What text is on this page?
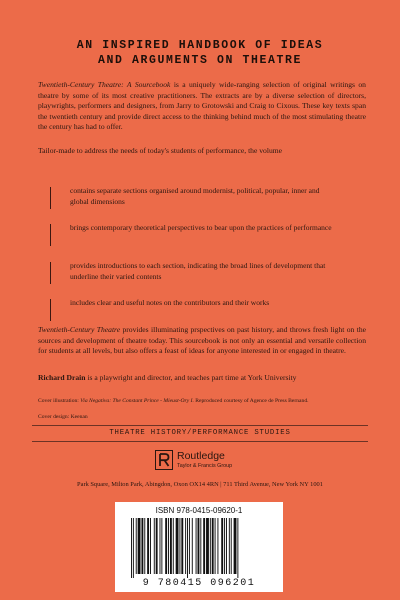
AN INSPIRED HANDBOOK OF IDEAS
AND ARGUMENTS ON THEATRE
Twentieth-Century Theatre: A Sourcebook is a uniquely wide-ranging selection of original writings on theatre by some of its most creative practitioners. The extracts are by a diverse selection of directors, playwrights, performers and designers, from Jarry to Grotowski and Craig to Cixous. These key texts span the twentieth century and provide direct access to the thinking behind much of the most stimulating theatre the century has had to offer.
Tailor-made to address the needs of today's students of performance, the volume
contains separate sections organised around modernist, political, popular, inner and global dimensions
brings contemporary theoretical perspectives to bear upon the practices of performance
provides introductions to each section, indicating the broad lines of development that underline their varied contents
includes clear and useful notes on the contributors and their works
Twentieth-Century Theatre provides illuminating prspectives on past history, and throws fresh light on the sources and development of theatre today. This sourcebook is not only an essential and versatile collection for students at all levels, but also offers a feast of ideas for anyone interested in or engaged in theatre.
Richard Drain is a playwright and director, and teaches part time at York University
Cover illustration: Via Negativa: The Constant Prince - Mieust-Ory I. Reproduced courtesy of Agence de Press Bernand.
Cover design: Keenan
THEATRE HISTORY/PERFORMANCE STUDIES
Routledge
Taylor & Francis Group
Park Square, Milton Park, Abingdon, Oxon OX14 4RN | 711 Third Avenue, New York NY 1001
ISBN 978-0415-09620-1
9 780415 096201
